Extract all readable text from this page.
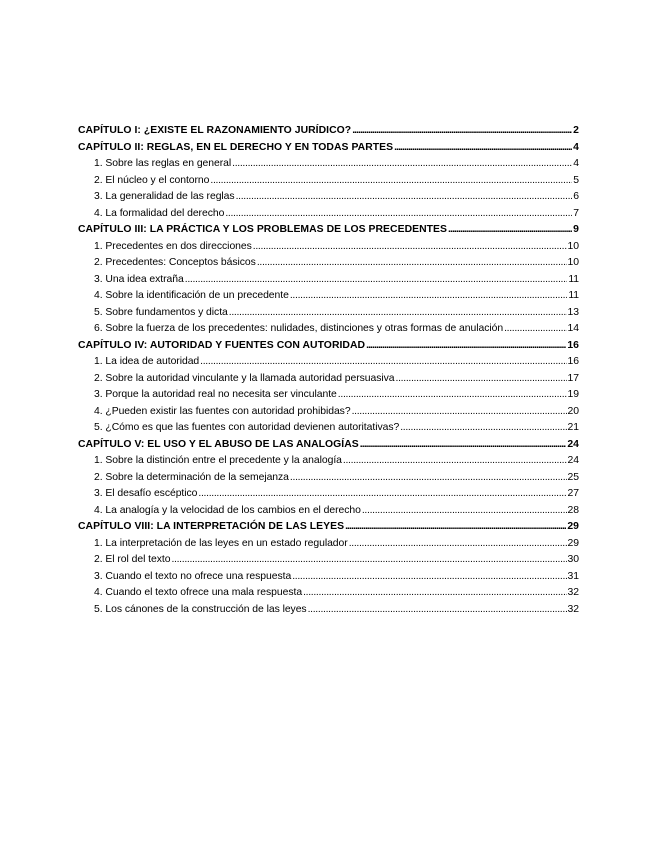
CAPÍTULO I: ¿EXISTE EL RAZONAMIENTO JURÍDICO? . . .	2
CAPÍTULO II: REGLAS, EN EL DERECHO Y EN TODAS PARTES . . .	4
1. Sobre las reglas en general . . .	4
2. El núcleo y el contorno . . .	5
3. La generalidad de las reglas . . .	6
4. La formalidad del derecho . . .	7
CAPÍTULO III: LA PRÁCTICA Y LOS PROBLEMAS DE LOS PRECEDENTES . . .	9
1. Precedentes en dos direcciones . . .	10
2. Precedentes: Conceptos básicos . . .	10
3. Una idea extraña . . .	11
4. Sobre la identificación de un precedente . . .	11
5. Sobre fundamentos y dicta . . .	13
6. Sobre la fuerza de los precedentes: nulidades, distinciones y otras formas de anulación . . .	14
CAPÍTULO IV: AUTORIDAD Y FUENTES CON AUTORIDAD . . .	16
1. La idea de autoridad . . .	16
2. Sobre la autoridad vinculante y la llamada autoridad persuasiva . . .	17
3. Porque la autoridad real no necesita ser vinculante . . .	19
4. ¿Pueden existir las fuentes con autoridad prohibidas? . . .	20
5. ¿Cómo es que las fuentes con autoridad devienen autoritativas? . . .	21
CAPÍTULO V: EL USO Y EL ABUSO DE LAS ANALOGÍAS . . .	24
1. Sobre la distinción entre el precedente y la analogía . . .	24
2. Sobre la determinación de la semejanza . . .	25
3. El desafío escéptico . . .	27
4. La analogía y la velocidad de los cambios en el derecho . . .	28
CAPÍTULO VIII: LA INTERPRETACIÓN DE LAS LEYES . . .	29
1. La interpretación de las leyes en un estado regulador . . .	29
2. El rol del texto . . .	30
3. Cuando el texto no ofrece una respuesta . . .	31
4. Cuando el texto ofrece una mala respuesta . . .	32
5. Los cánones de la construcción de las leyes . . .	32
